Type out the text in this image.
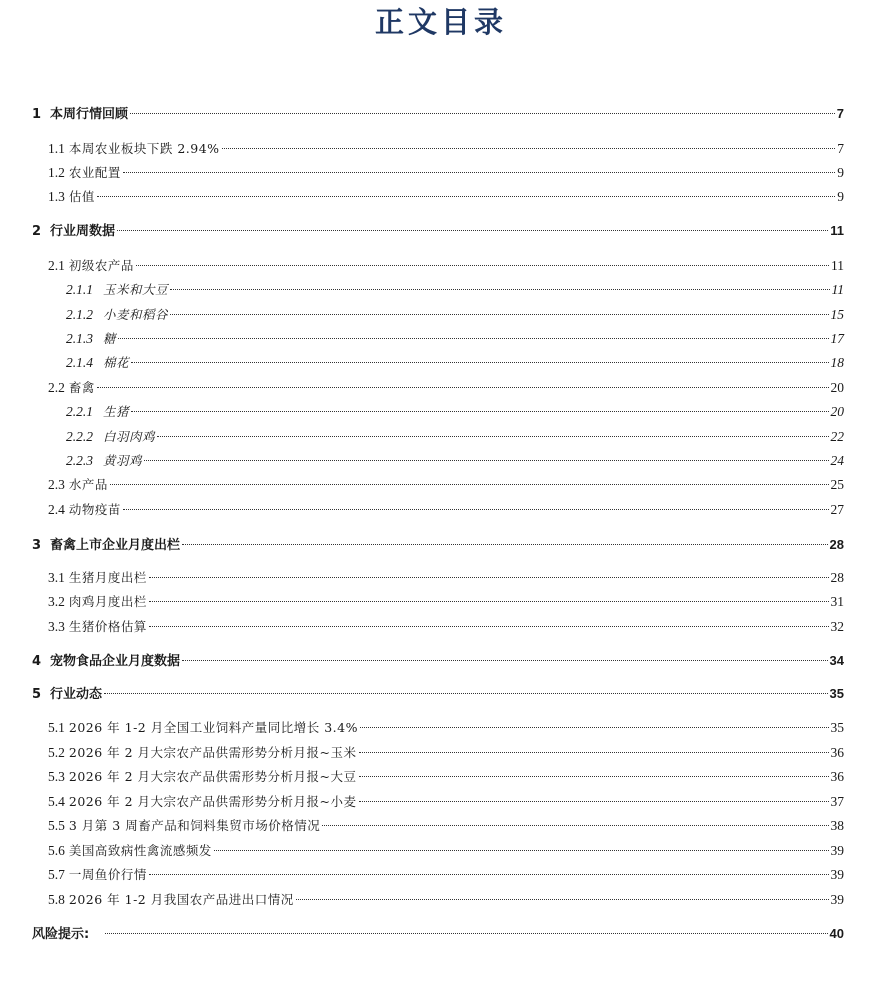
正文目录
1 本周行情回顾	7
1.1 本周农业板块下跌 2.94%	7
1.2 农业配置	9
1.3 估值	9
2 行业周数据	11
2.1 初级农产品	11
2.1.1 玉米和大豆	11
2.1.2 小麦和稻谷	15
2.1.3 糖	17
2.1.4 棉花	18
2.2 畜禽	20
2.2.1 生猪	20
2.2.2 白羽肉鸡	22
2.2.3 黄羽鸡	24
2.3 水产品	25
2.4 动物疫苗	27
3 畜禽上市企业月度出栏	28
3.1 生猪月度出栏	28
3.2 肉鸡月度出栏	31
3.3 生猪价格估算	32
4 宠物食品企业月度数据	34
5 行业动态	35
5.1 2026 年 1-2 月全国工业饲料产量同比增长 3.4%	35
5.2 2026 年 2 月大宗农产品供需形势分析月报~玉米	36
5.3 2026 年 2 月大宗农产品供需形势分析月报~大豆	36
5.4 2026 年 2 月大宗农产品供需形势分析月报~小麦	37
5.5 3 月第 3 周畜产品和饲料集贸市场价格情况	38
5.6 美国高致病性禽流感频发	39
5.7 一周鱼价行情	39
5.8 2026 年 1-2 月我国农产品进出口情况	39
风险提示:	40
